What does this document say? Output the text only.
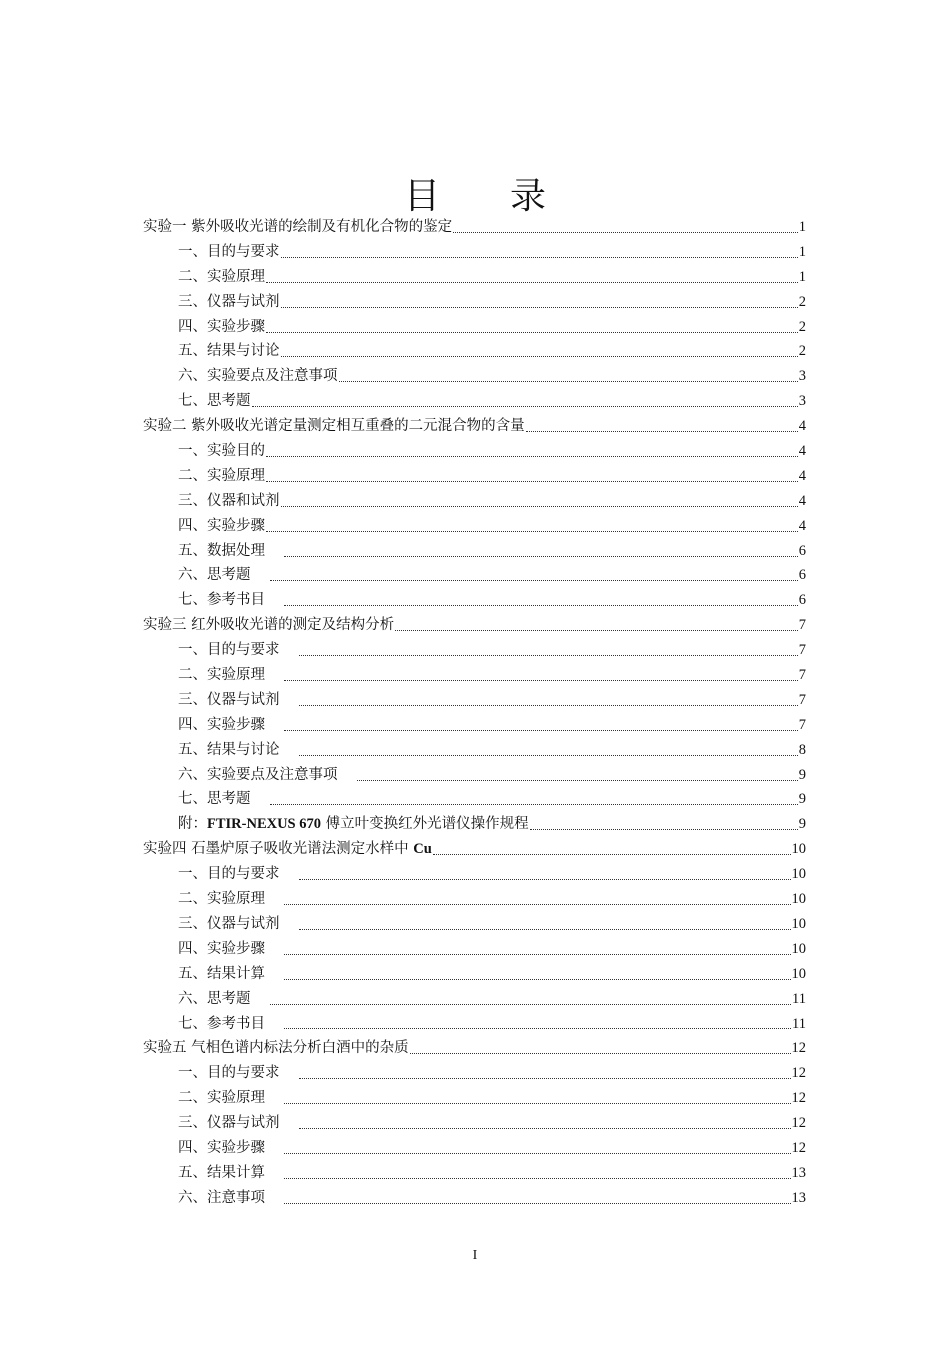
目 录
实验一 紫外吸收光谱的绘制及有机化合物的鉴定	1
一、目的与要求	1
二、实验原理	1
三、仪器与试剂	2
四、实验步骤	2
五、结果与讨论	2
六、实验要点及注意事项	3
七、思考题	3
实验二 紫外吸收光谱定量测定相互重叠的二元混合物的含量	4
一、实验目的	4
二、实验原理	4
三、仪器和试剂	4
四、实验步骤	4
五、数据处理	6
六、思考题	6
七、参考书目	6
实验三 红外吸收光谱的测定及结构分析	7
一、目的与要求	7
二、实验原理	7
三、仪器与试剂	7
四、实验步骤	7
五、结果与讨论	8
六、实验要点及注意事项	9
七、思考题	9
附：FTIR-NEXUS 670 傅立叶变换红外光谱仪操作规程	9
实验四 石墨炉原子吸收光谱法测定水样中 Cu	10
一、目的与要求	10
二、实验原理	10
三、仪器与试剂	10
四、实验步骤	10
五、结果计算	10
六、思考题	11
七、参考书目	11
实验五 气相色谱内标法分析白酒中的杂质	12
一、目的与要求	12
二、实验原理	12
三、仪器与试剂	12
四、实验步骤	12
五、结果计算	13
六、注意事项	13
I
